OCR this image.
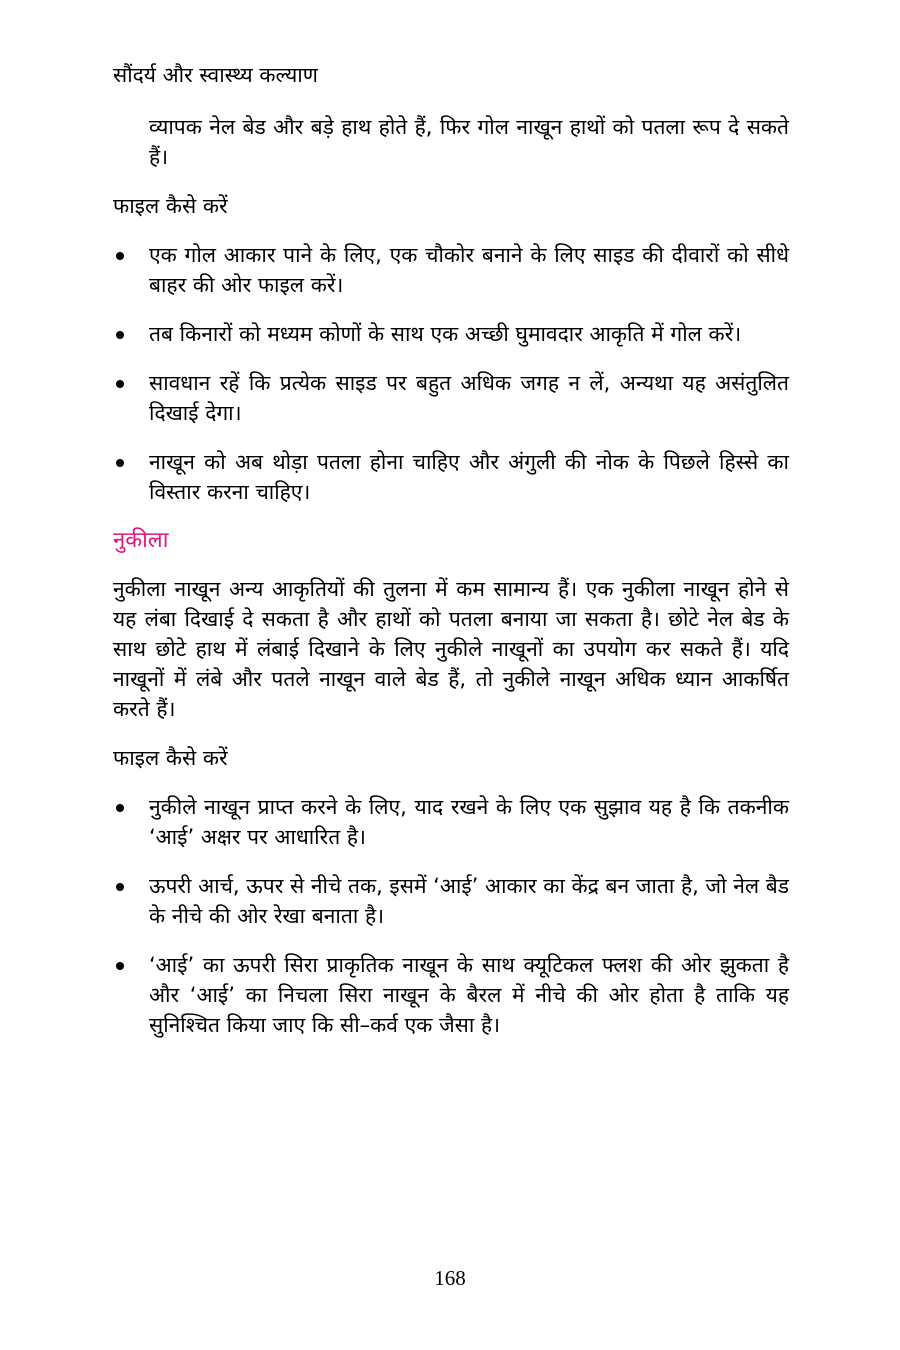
सौंदर्य और स्वास्थ्य कल्याण

व्यापक नेल बेड और बड़े हाथ होते हैं, फिर गोल नाखून हाथों को पतला रूप दे सकते हैं।

फाइल कैसे करें
एक गोल आकार पाने के लिए, एक चौकोर बनाने के लिए साइड की दीवारों को सीधे बाहर की ओर फाइल करें।
तब किनारों को मध्यम कोणों के साथ एक अच्छी घुमावदार आकृति में गोल करें।
सावधान रहें कि प्रत्येक साइड पर बहुत अधिक जगह न लें, अन्यथा यह असंतुलित दिखाई देगा।
नाखून को अब थोड़ा पतला होना चाहिए और अंगुली की नोक के पिछले हिस्से का विस्तार करना चाहिए।
नुकीला

नुकीला नाखून अन्य आकृतियों की तुलना में कम सामान्य हैं। एक नुकीला नाखून होने से यह लंबा दिखाई दे सकता है और हाथों को पतला बनाया जा सकता है। छोटे नेल बेड के साथ छोटे हाथ में लंबाई दिखाने के लिए नुकीले नाखूनों का उपयोग कर सकते हैं। यदि नाखूनों में लंबे और पतले नाखून वाले बेड हैं, तो नुकीले नाखून अधिक ध्यान आकर्षित करते हैं।

फाइल कैसे करें
नुकीले नाखून प्राप्त करने के लिए, याद रखने के लिए एक सुझाव यह है कि तकनीक ‘आई’ अक्षर पर आधारित है।
ऊपरी आर्च, ऊपर से नीचे तक, इसमें ‘आई’ आकार का केंद्र बन जाता है, जो नेल बैड के नीचे की ओर रेखा बनाता है।
‘आई’ का ऊपरी सिरा प्राकृतिक नाखून के साथ क्यूटिकल फ्लश की ओर झुकता है और ‘आई’ का निचला सिरा नाखून के बैरल में नीचे की ओर होता है ताकि यह सुनिश्चित किया जाए कि सी–कर्व एक जैसा है।
168
